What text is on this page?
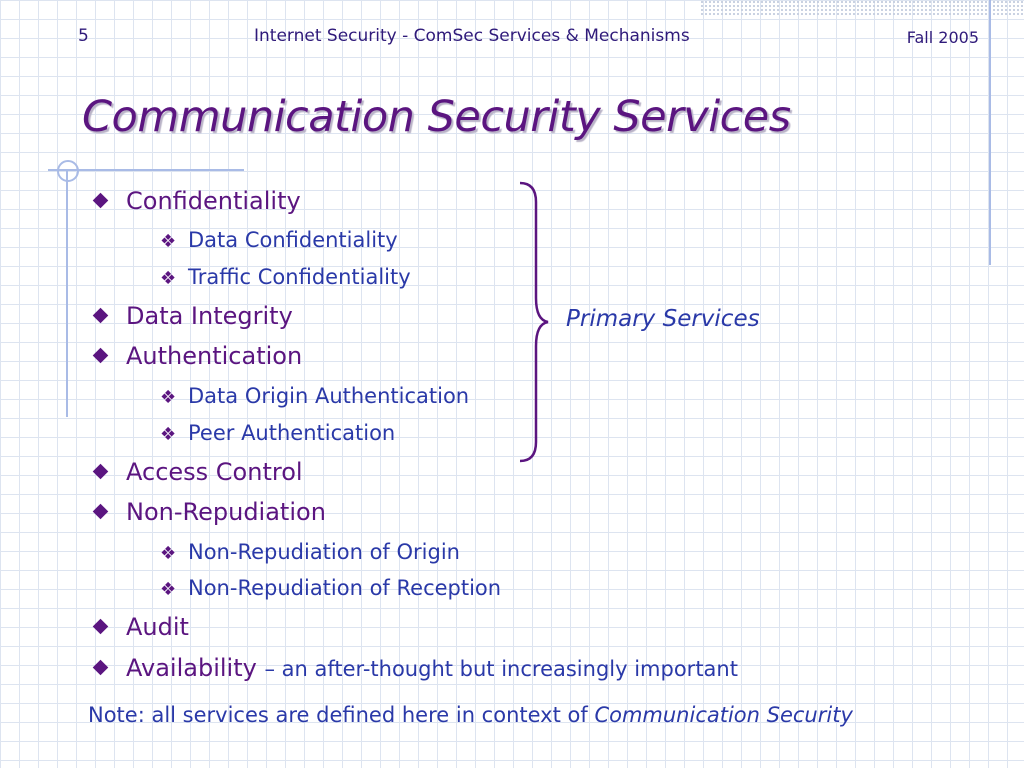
5	Internet Security - ComSec Services & Mechanisms	Fall 2005
Communication Security Services
Confidentiality
❖ Data Confidentiality
❖ Traffic Confidentiality
Data Integrity
Authentication
❖ Data Origin Authentication
❖ Peer Authentication
Access Control
Non-Repudiation
❖ Non-Repudiation of Origin
❖ Non-Repudiation of Reception
Audit
Availability – an after-thought but increasingly important
Primary Services
Note: all services are defined here in context of Communication Security
